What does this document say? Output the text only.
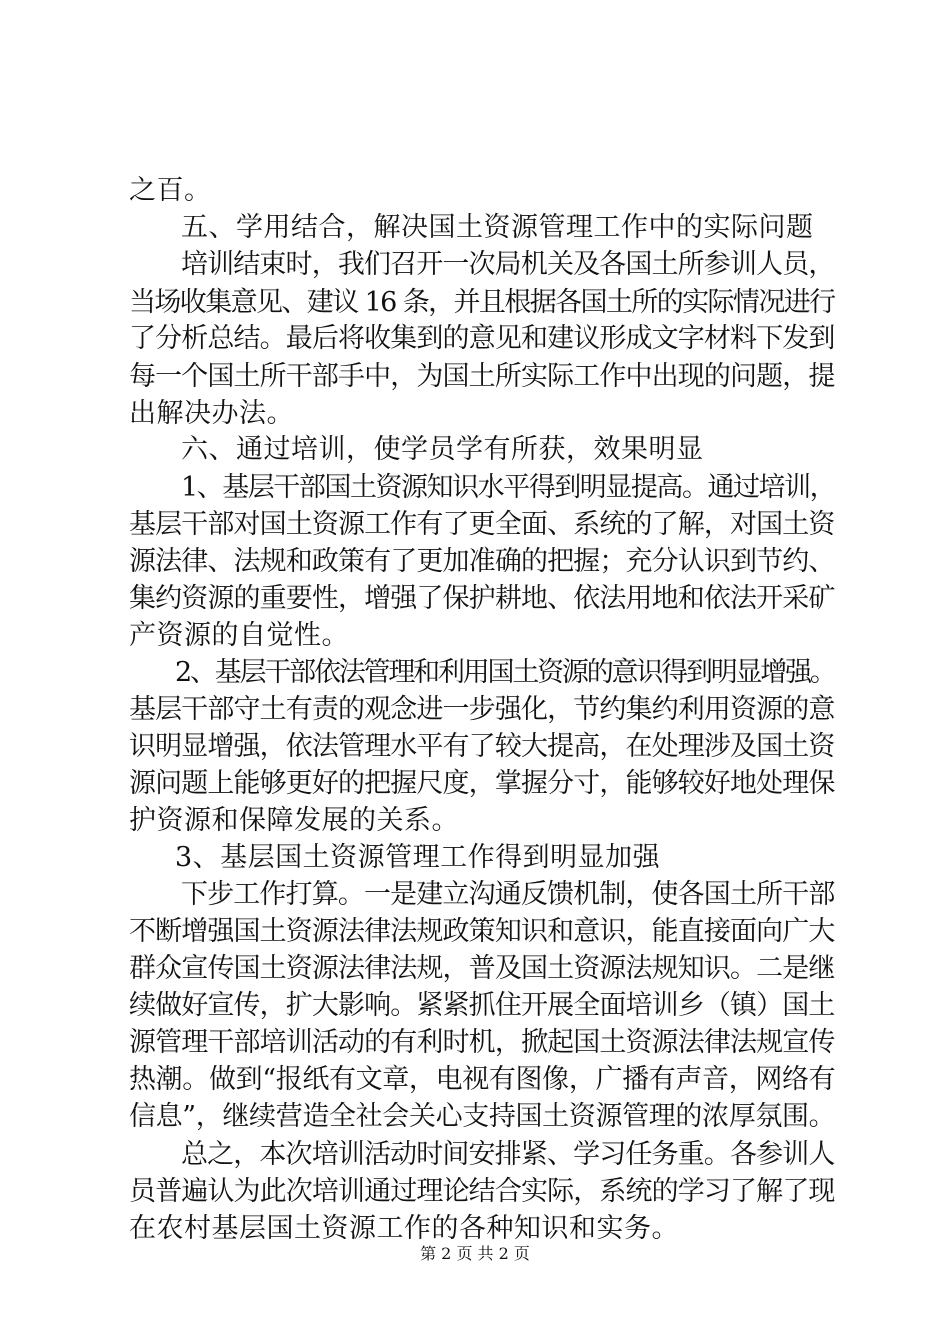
之百。
五、学用结合，解决国土资源管理工作中的实际问题
培训结束时，我们召开一次局机关及各国土所参训人员，
当场收集意见、建议 16 条，并且根据各国土所的实际情况进行
了分析总结。最后将收集到的意见和建议形成文字材料下发到
每一个国土所干部手中，为国土所实际工作中出现的问题，提
出解决办法。
六、通过培训，使学员学有所获，效果明显
1、基层干部国土资源知识水平得到明显提高。通过培训，
基层干部对国土资源工作有了更全面、系统的了解，对国土资
源法律、法规和政策有了更加准确的把握；充分认识到节约、
集约资源的重要性，增强了保护耕地、依法用地和依法开采矿
产资源的自觉性。
2、基层干部依法管理和利用国土资源的意识得到明显增强。
基层干部守土有责的观念进一步强化，节约集约利用资源的意
识明显增强，依法管理水平有了较大提高，在处理涉及国土资
源问题上能够更好的把握尺度，掌握分寸，能够较好地处理保
护资源和保障发展的关系。
3、基层国土资源管理工作得到明显加强
下步工作打算。一是建立沟通反馈机制，使各国土所干部
不断增强国土资源法律法规政策知识和意识，能直接面向广大
群众宣传国土资源法律法规，普及国土资源法规知识。二是继
续做好宣传，扩大影响。紧紧抓住开展全面培训乡（镇）国土
源管理干部培训活动的有利时机，掀起国土资源法律法规宣传
热潮。做到“报纸有文章，电视有图像，广播有声音，网络有
信息”，继续营造全社会关心支持国土资源管理的浓厚氛围。
总之，本次培训活动时间安排紧、学习任务重。各参训人
员普遍认为此次培训通过理论结合实际，系统的学习了解了现
在农村基层国土资源工作的各种知识和实务。
第 2 页 共 2 页
